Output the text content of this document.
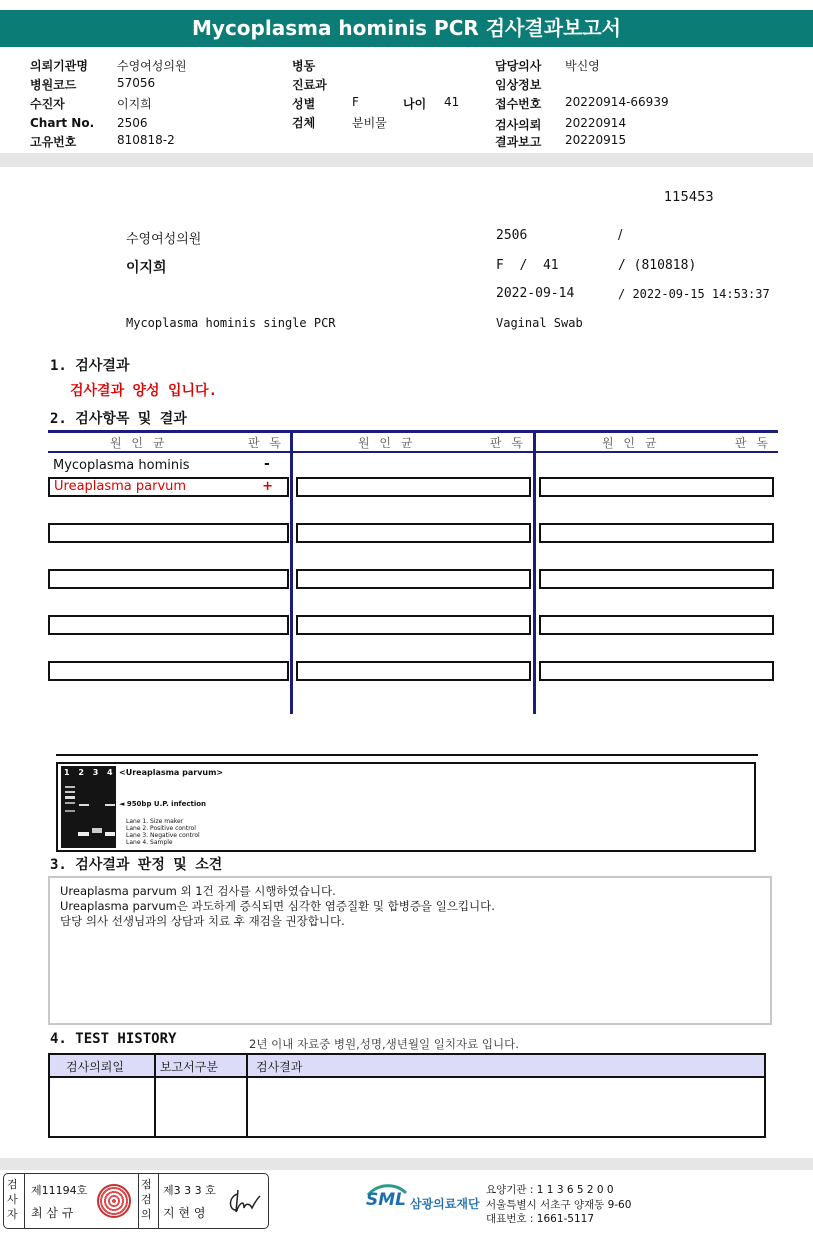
Mycoplasma hominis PCR 검사결과보고서
의뢰기관명 수영여성의원
병원코드	57056
수진자	이지희
Chart No. 2506
고유번호	810818-2
병동
진료과
성별	F	나이 41
검체	분비물
담당의사 박신영
임상정보
접수번호 20220914-66939
검사의뢰 20220914
결과보고 20220915
115453
수영여성의원	2506	/
이지희	F  /  41	/ (810818)
2022-09-14	/ 2022-09-15 14:53:37
Mycoplasma hominis single PCR	Vaginal Swab
1. 검사결과
검사결과 양성 입니다.
2. 검사항목 및 결과
원 인 균	판 독	원 인 균	판 독	원 인 균	판 독
Mycoplasma hominis	-
Ureaplasma parvum	+
1 2 3 4 <Ureaplasma parvum>
◄ 950bp U.P. infection
Lane 1. Size maker
Lane 2. Positive control
Lane 3. Negative control
Lane 4. Sample
3. 검사결과 판정 및 소견
Ureaplasma parvum 외 1건 검사를 시행하였습니다.
Ureaplasma parvum은 과도하게 증식되면 심각한 염증질환 및 합병증을 일으킵니다.
담당 의사 선생님과의 상담과 치료 후 재검을 권장합니다.
4. TEST HISTORY	2년 이내 자료중 병원,성명,생년월일 일치자료 입니다.
검사의뢰일	보고서구분	검사결과
검사자
제11194호
최 삼 규
점검의
제3 3 3 호
지 현 영
SML 삼광의료재단
요양기관 : 1 1 3 6 5 2 0 0
서울특별시 서초구 양재동 9-60
대표번호 : 1661-5117
